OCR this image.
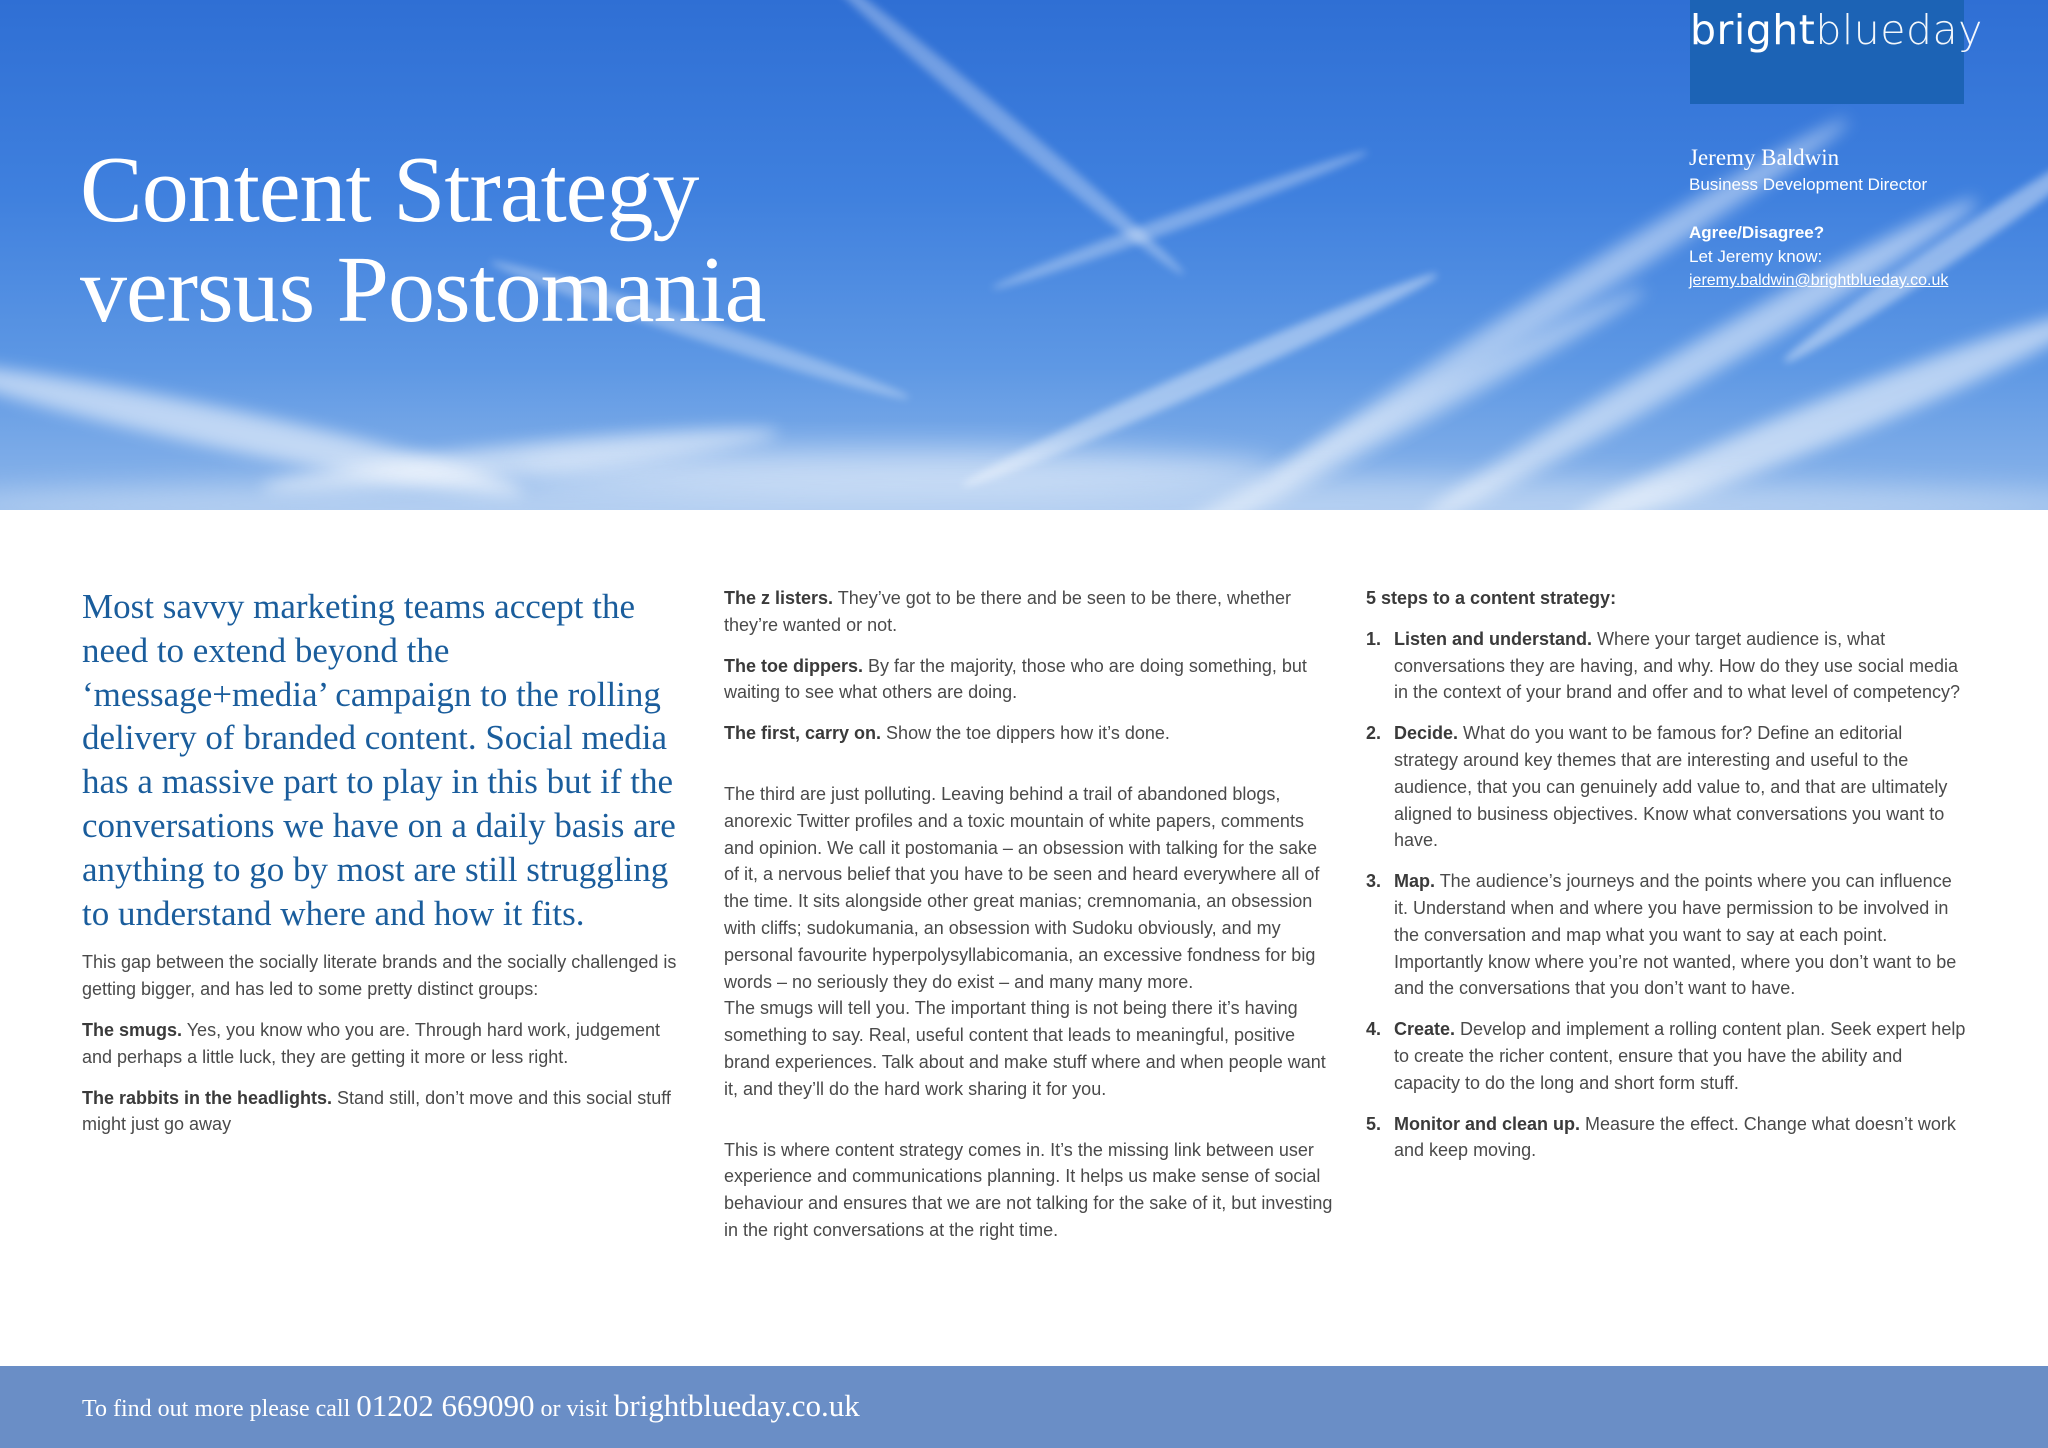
brightblueday
Content Strategy
versus Postomania
Jeremy Baldwin
Business Development Director
Agree/Disagree?
Let Jeremy know:
jeremy.baldwin@brightblueday.co.uk

Most savvy marketing teams accept the need to extend beyond the ‘message+media’ campaign to the rolling delivery of branded content. Social media has a massive part to play in this but if the conversations we have on a daily basis are anything to go by most are still struggling to understand where and how it fits.

This gap between the socially literate brands and the socially challenged is getting bigger, and has led to some pretty distinct groups:

The smugs. Yes, you know who you are. Through hard work, judgement and perhaps a little luck, they are getting it more or less right.

The rabbits in the headlights. Stand still, don’t move and this social stuff might just go away

The z listers. They’ve got to be there and be seen to be there, whether they’re wanted or not.

The toe dippers. By far the majority, those who are doing something, but waiting to see what others are doing.

The first, carry on. Show the toe dippers how it’s done.

The third are just polluting. Leaving behind a trail of abandoned blogs, anorexic Twitter profiles and a toxic mountain of white papers, comments and opinion. We call it postomania – an obsession with talking for the sake of it, a nervous belief that you have to be seen and heard everywhere all of the time. It sits alongside other great manias; cremnomania, an obsession with cliffs; sudokumania, an obsession with Sudoku obviously, and my personal favourite hyperpolysyllabicomania, an excessive fondness for big words – no seriously they do exist – and many many more.

The smugs will tell you. The important thing is not being there it’s having something to say. Real, useful content that leads to meaningful, positive brand experiences. Talk about and make stuff where and when people want it, and they’ll do the hard work sharing it for you.

This is where content strategy comes in. It’s the missing link between user experience and communications planning. It helps us make sense of social behaviour and ensures that we are not talking for the sake of it, but investing in the right conversations at the right time.

5 steps to a content strategy:
1. Listen and understand. Where your target audience is, what conversations they are having, and why. How do they use social media in the context of your brand and offer and to what level of competency?
2. Decide. What do you want to be famous for? Define an editorial strategy around key themes that are interesting and useful to the audience, that you can genuinely add value to, and that are ultimately aligned to business objectives. Know what conversations you want to have.
3. Map. The audience’s journeys and the points where you can influence it. Understand when and where you have permission to be involved in the conversation and map what you want to say at each point. Importantly know where you’re not wanted, where you don’t want to be and the conversations that you don’t want to have.
4. Create. Develop and implement a rolling content plan. Seek expert help to create the richer content, ensure that you have the ability and capacity to do the long and short form stuff.
5. Monitor and clean up. Measure the effect. Change what doesn’t work and keep moving.
To find out more please call 01202 669090 or visit brightblueday.co.uk
